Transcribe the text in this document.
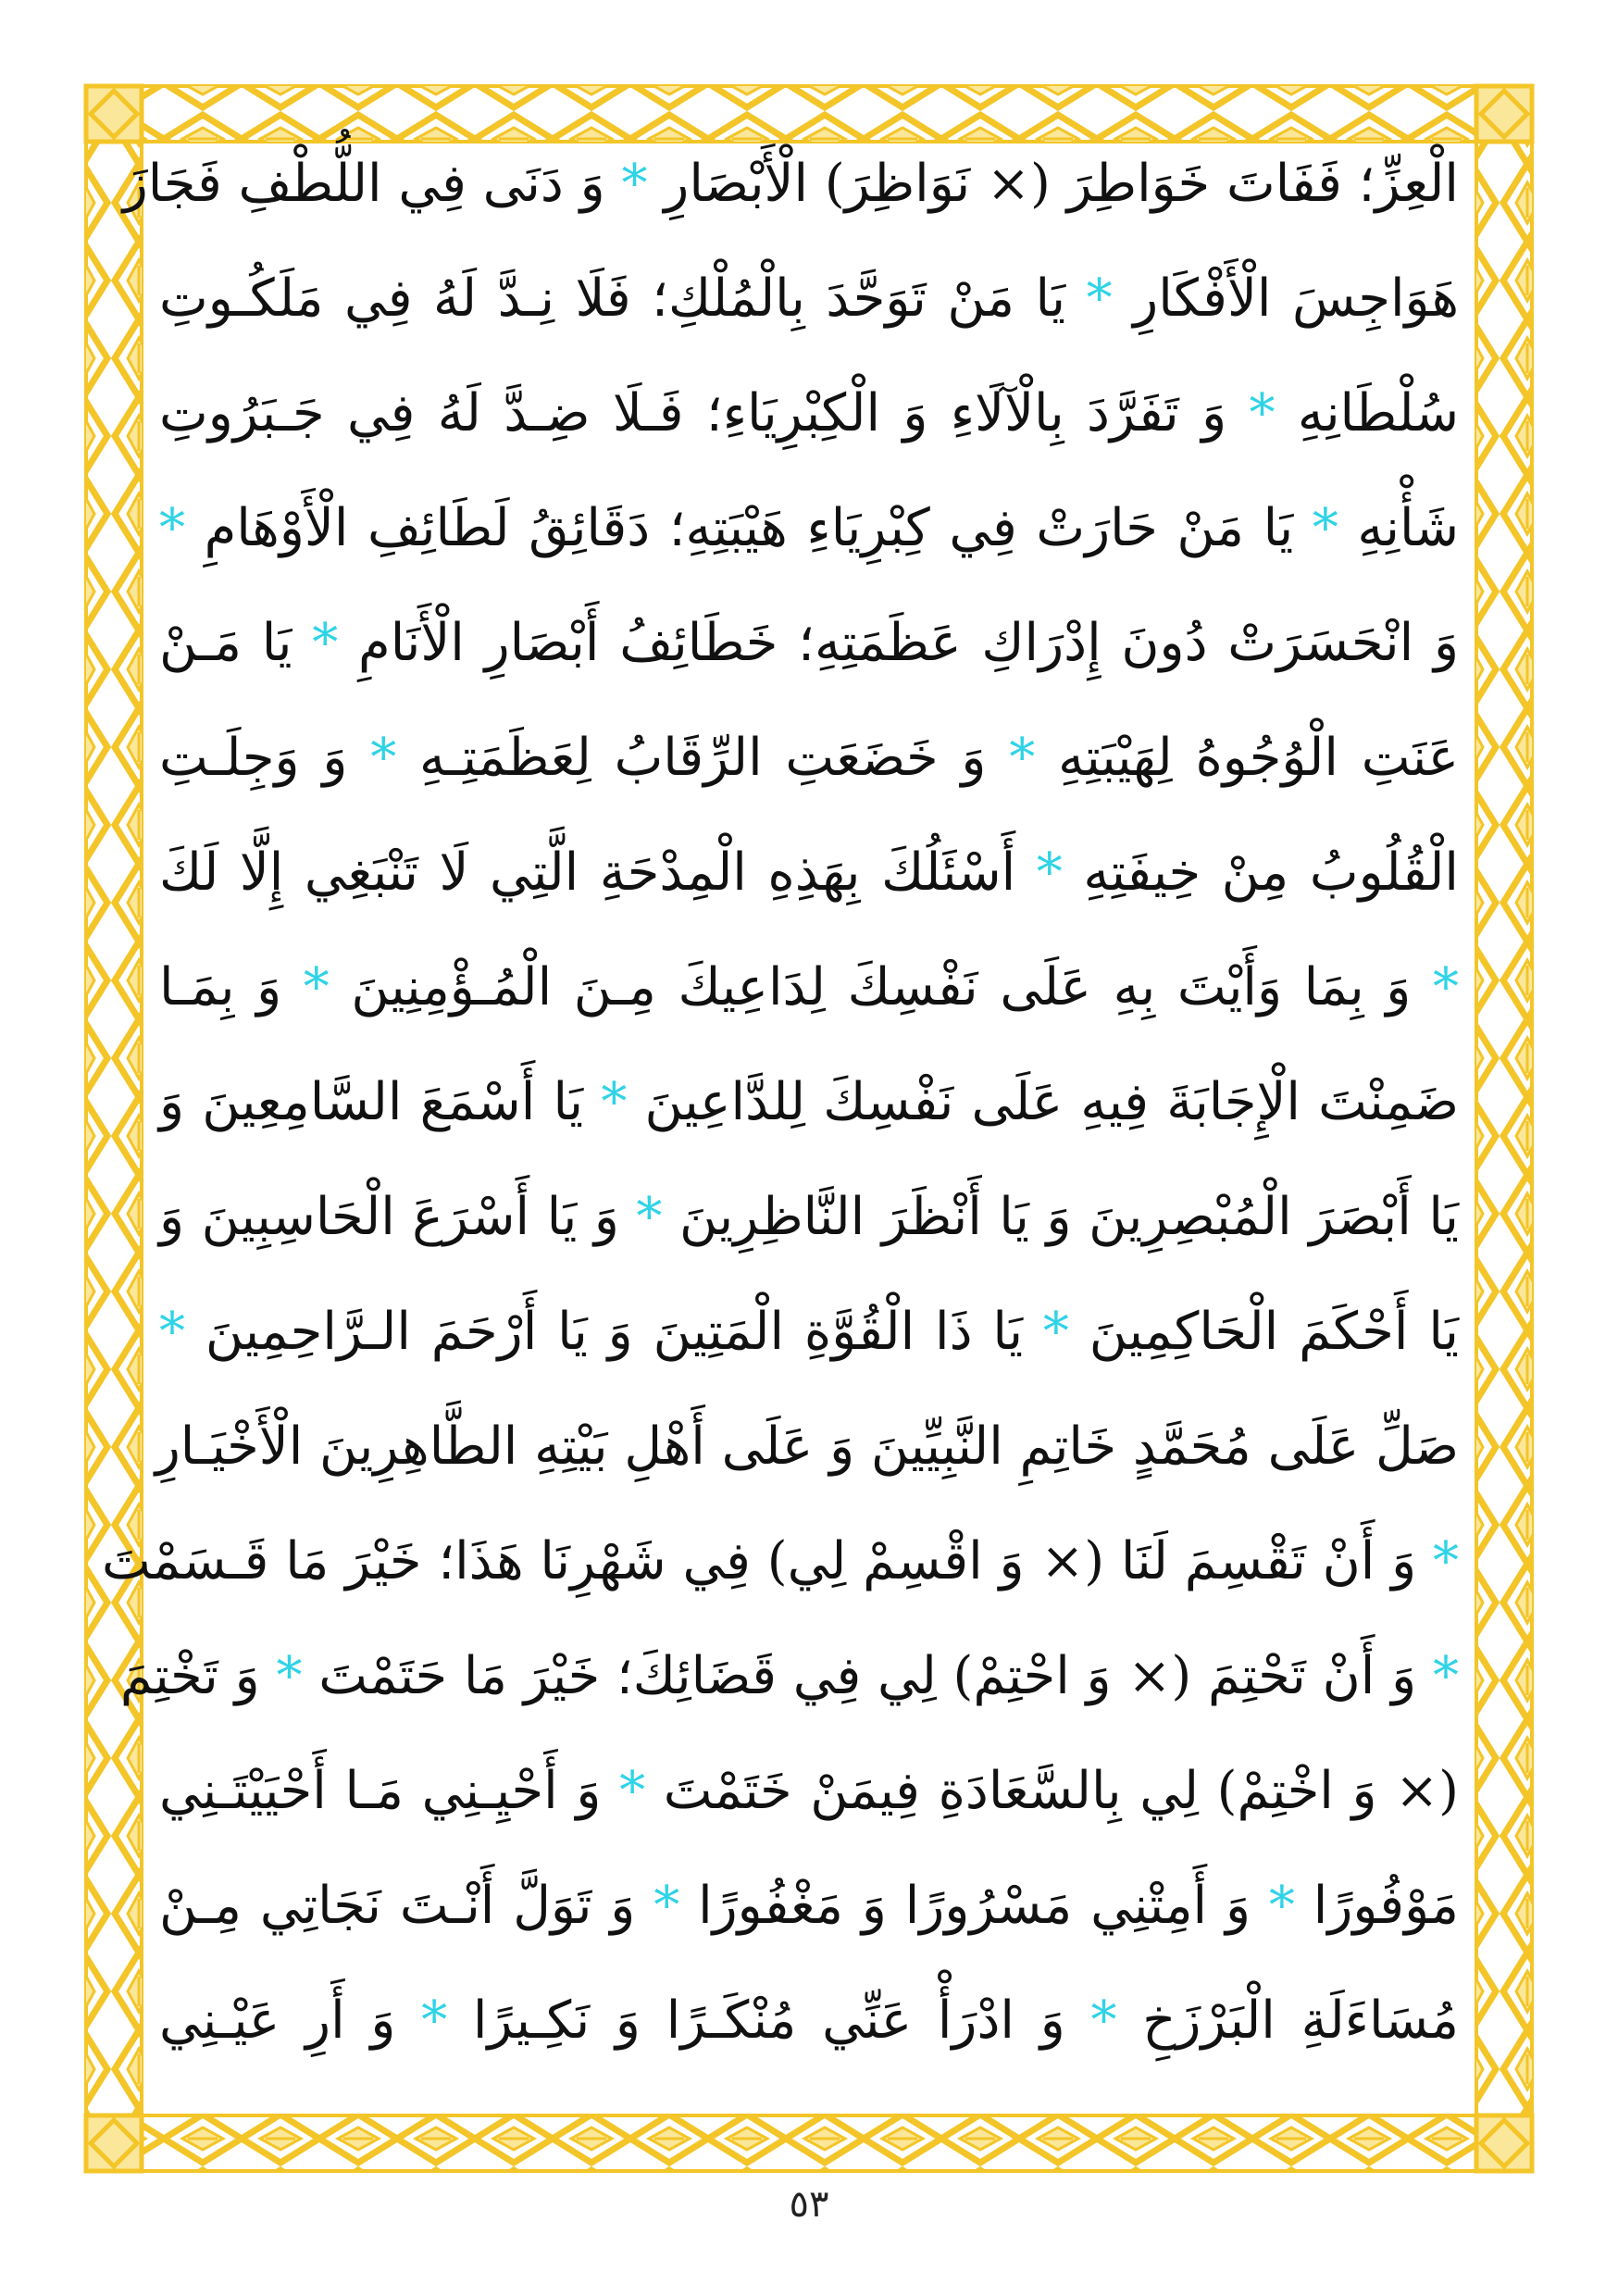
الْعِزِّ؛ فَفَاتَ خَوَاطِرَ (× نَوَاظِرَ) الْأَبْصَارِ * وَ دَنَى فِي اللُّطْفِ فَجَازَ
هَوَاجِسَ الْأَفْكَارِ * يَا مَنْ تَوَحَّدَ بِالْمُلْكِ؛ فَلَا نِـدَّ لَهُ فِي مَلَكُـوتِ
سُلْطَانِهِ * وَ تَفَرَّدَ بِالْآلَاءِ وَ الْكِبْرِيَاءِ؛ فَـلَا ضِـدَّ لَهُ فِي جَـبَرُوتِ
شَأْنِهِ * يَا مَنْ حَارَتْ فِي كِبْرِيَاءِ هَيْبَتِهِ؛ دَقَائِقُ لَطَائِفِ الْأَوْهَامِ *
وَ انْحَسَرَتْ دُونَ إِدْرَاكِ عَظَمَتِهِ؛ خَطَائِفُ أَبْصَارِ الْأَنَامِ * يَا مَـنْ
عَنَتِ الْوُجُوهُ لِهَيْبَتِهِ * وَ خَضَعَتِ الرِّقَابُ لِعَظَمَتِـهِ * وَ وَجِلَـتِ
الْقُلُوبُ مِنْ خِيفَتِهِ * أَسْئَلُكَ بِهَذِهِ الْمِدْحَةِ الَّتِي لَا تَنْبَغِي إِلَّا لَكَ
* وَ بِمَا وَأَيْتَ بِهِ عَلَى نَفْسِكَ لِدَاعِيكَ مِـنَ الْمُـؤْمِنِينَ * وَ بِمَـا
ضَمِنْتَ الْإِجَابَةَ فِيهِ عَلَى نَفْسِكَ لِلدَّاعِينَ * يَا أَسْمَعَ السَّامِعِينَ وَ
يَا أَبْصَرَ الْمُبْصِرِينَ وَ يَا أَنْظَرَ النَّاظِرِينَ * وَ يَا أَسْرَعَ الْحَاسِبِينَ وَ
يَا أَحْكَمَ الْحَاكِمِينَ * يَا ذَا الْقُوَّةِ الْمَتِينَ وَ يَا أَرْحَمَ الـرَّاحِمِينَ *
صَلِّ عَلَى مُحَمَّدٍ خَاتِمِ النَّبِيِّينَ وَ عَلَى أَهْلِ بَيْتِهِ الطَّاهِرِينَ الْأَخْيَـارِ
* وَ أَنْ تَقْسِمَ لَنَا (× وَ اقْسِمْ لِي) فِي شَهْرِنَا هَذَا؛ خَيْرَ مَا قَـسَمْتَ
* وَ أَنْ تَحْتِمَ (× وَ احْتِمْ) لِي فِي قَضَائِكَ؛ خَيْرَ مَا حَتَمْتَ * وَ تَخْتِمَ
(× وَ اخْتِمْ) لِي بِالسَّعَادَةِ فِيمَنْ خَتَمْتَ * وَ أَحْيِـنِي مَـا أَحْيَيْتَـنِي
مَوْفُورًا * وَ أَمِتْنِي مَسْرُورًا وَ مَغْفُورًا * وَ تَوَلَّ أَنْـتَ نَجَاتِي مِـنْ
مُسَاءَلَةِ الْبَرْزَخِ * وَ ادْرَأْ عَنِّي مُنْكَـرًا وَ نَكِـيرًا * وَ أَرِ عَيْـنِي
٥٣
